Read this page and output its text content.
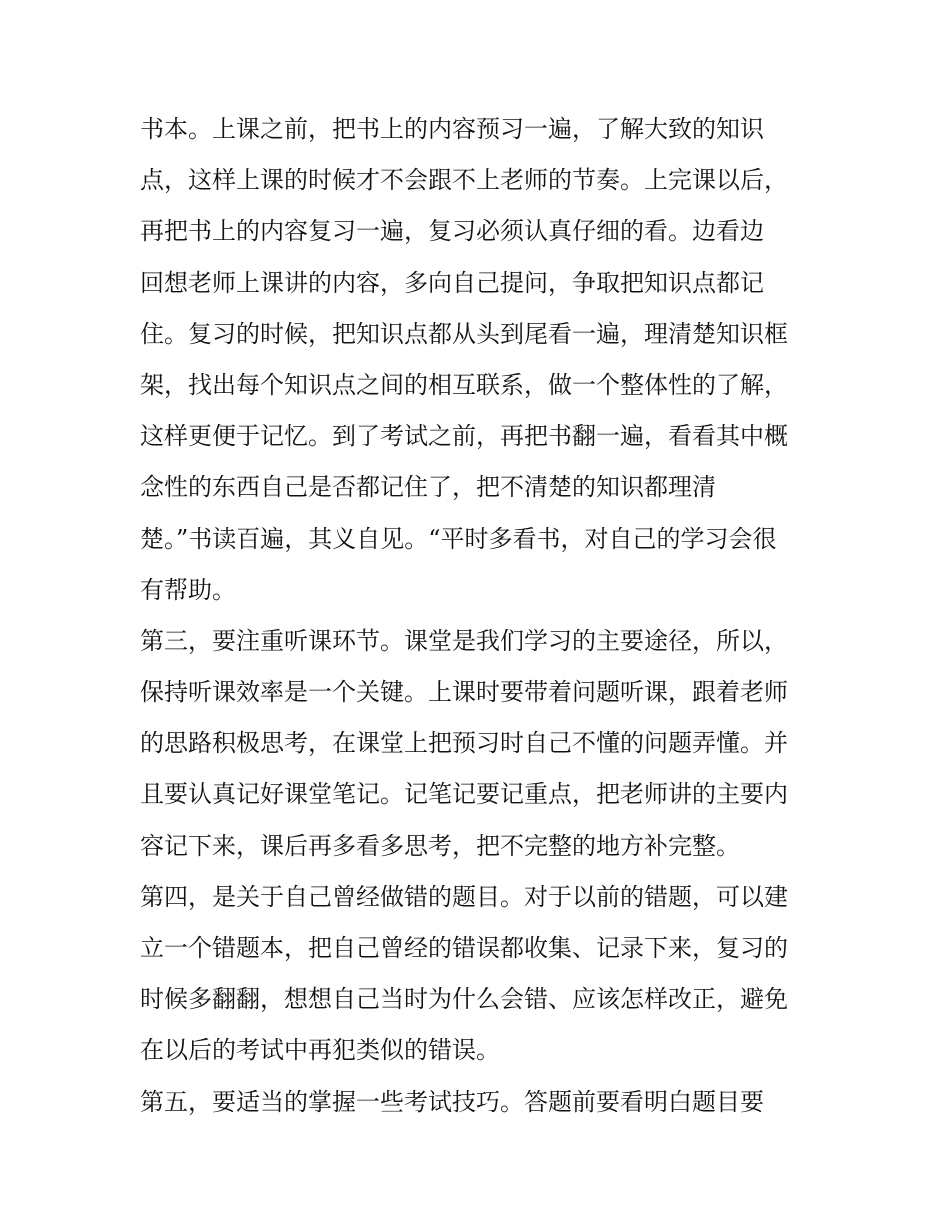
书本。上课之前，把书上的内容预习一遍，了解大致的知识
点，这样上课的时候才不会跟不上老师的节奏。上完课以后，
再把书上的内容复习一遍，复习必须认真仔细的看。边看边
回想老师上课讲的内容，多向自己提问，争取把知识点都记
住。复习的时候，把知识点都从头到尾看一遍，理清楚知识框
架，找出每个知识点之间的相互联系，做一个整体性的了解，
这样更便于记忆。到了考试之前，再把书翻一遍，看看其中概
念性的东西自己是否都记住了，把不清楚的知识都理清
楚。”书读百遍，其义自见。“平时多看书，对自己的学习会很
有帮助。
第三，要注重听课环节。课堂是我们学习的主要途径，所以，
保持听课效率是一个关键。上课时要带着问题听课，跟着老师
的思路积极思考，在课堂上把预习时自己不懂的问题弄懂。并
且要认真记好课堂笔记。记笔记要记重点，把老师讲的主要内
容记下来，课后再多看多思考，把不完整的地方补完整。
第四，是关于自己曾经做错的题目。对于以前的错题，可以建
立一个错题本，把自己曾经的错误都收集、记录下来，复习的
时候多翻翻，想想自己当时为什么会错、应该怎样改正，避免
在以后的考试中再犯类似的错误。
第五，要适当的掌握一些考试技巧。答题前要看明白题目要
